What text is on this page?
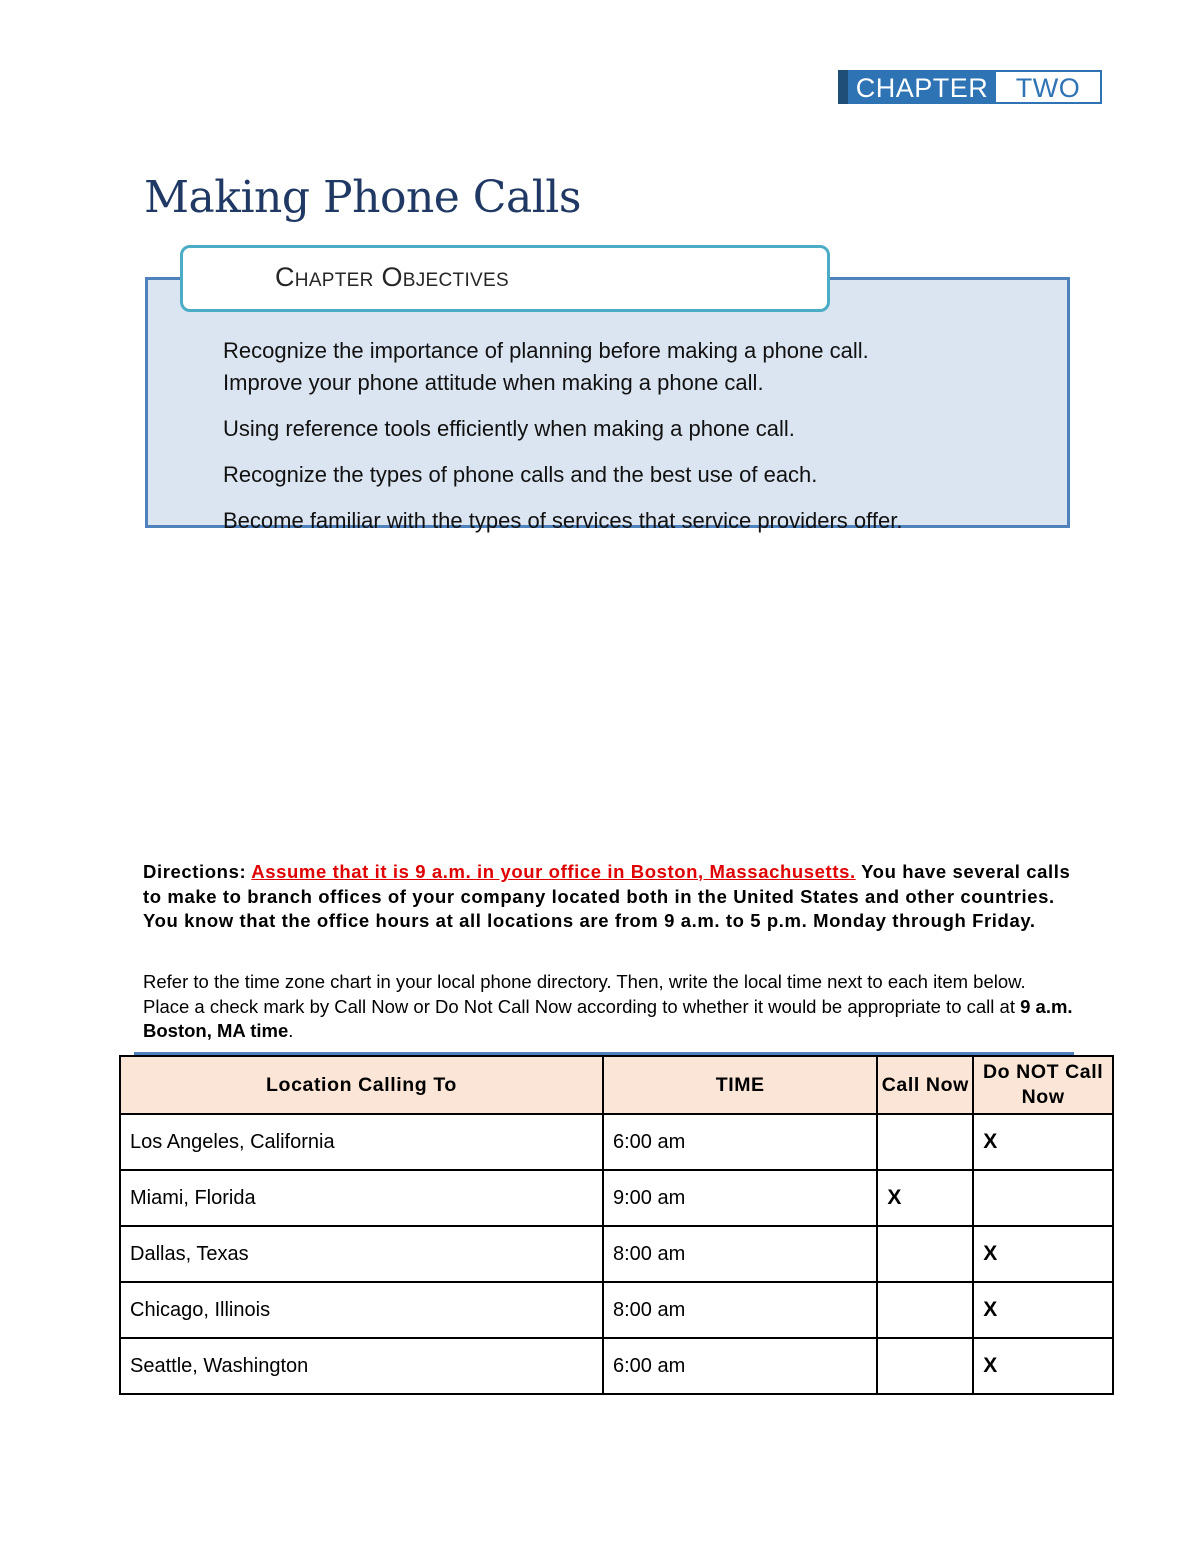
CHAPTER	TWO
Making Phone Calls
Chapter Objectives
Recognize the importance of planning before making a phone call.
Improve your phone attitude when making a phone call.
Using reference tools efficiently when making a phone call.
Recognize the types of phone calls and the best use of each.
Become familiar with the types of services that service providers offer.

Directions: Assume that it is 9 a.m. in your office in Boston, Massachusetts. You have several calls to make to branch offices of your company located both in the United States and other countries. You know that the office hours at all locations are from 9 a.m. to 5 p.m. Monday through Friday.

Refer to the time zone chart in your local phone directory. Then, write the local time next to each item below. Place a check mark by Call Now or Do Not Call Now according to whether it would be appropriate to call at 9 a.m. Boston, MA time.

Location Calling To	TIME	Call Now	Do NOT Call Now
Los Angeles, California	6:00 am		X
Miami, Florida	9:00 am	X	
Dallas, Texas	8:00 am		X
Chicago, Illinois	8:00 am		X
Seattle, Washington	6:00 am		X
